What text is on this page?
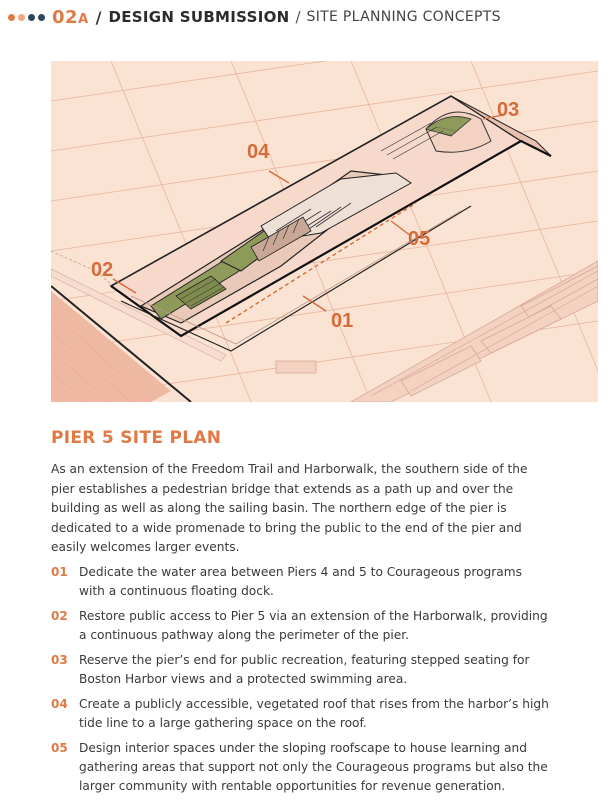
02A / DESIGN SUBMISSION / SITE PLANNING CONCEPTS
04
03
05
02
01
PIER 5 SITE PLAN
As an extension of the Freedom Trail and Harborwalk, the southern side of the pier establishes a pedestrian bridge that extends as a path up and over the building as well as along the sailing basin. The northern edge of the pier is dedicated to a wide promenade to bring the public to the end of the pier and easily welcomes larger events.
01 Dedicate the water area between Piers 4 and 5 to Courageous programs with a continuous floating dock.
02 Restore public access to Pier 5 via an extension of the Harborwalk, providing a continuous pathway along the perimeter of the pier.
03 Reserve the pier’s end for public recreation, featuring stepped seating for Boston Harbor views and a protected swimming area.
04 Create a publicly accessible, vegetated roof that rises from the harbor’s high tide line to a large gathering space on the roof.
05 Design interior spaces under the sloping roofscape to house learning and gathering areas that support not only the Courageous programs but also the larger community with rentable opportunities for revenue generation.
